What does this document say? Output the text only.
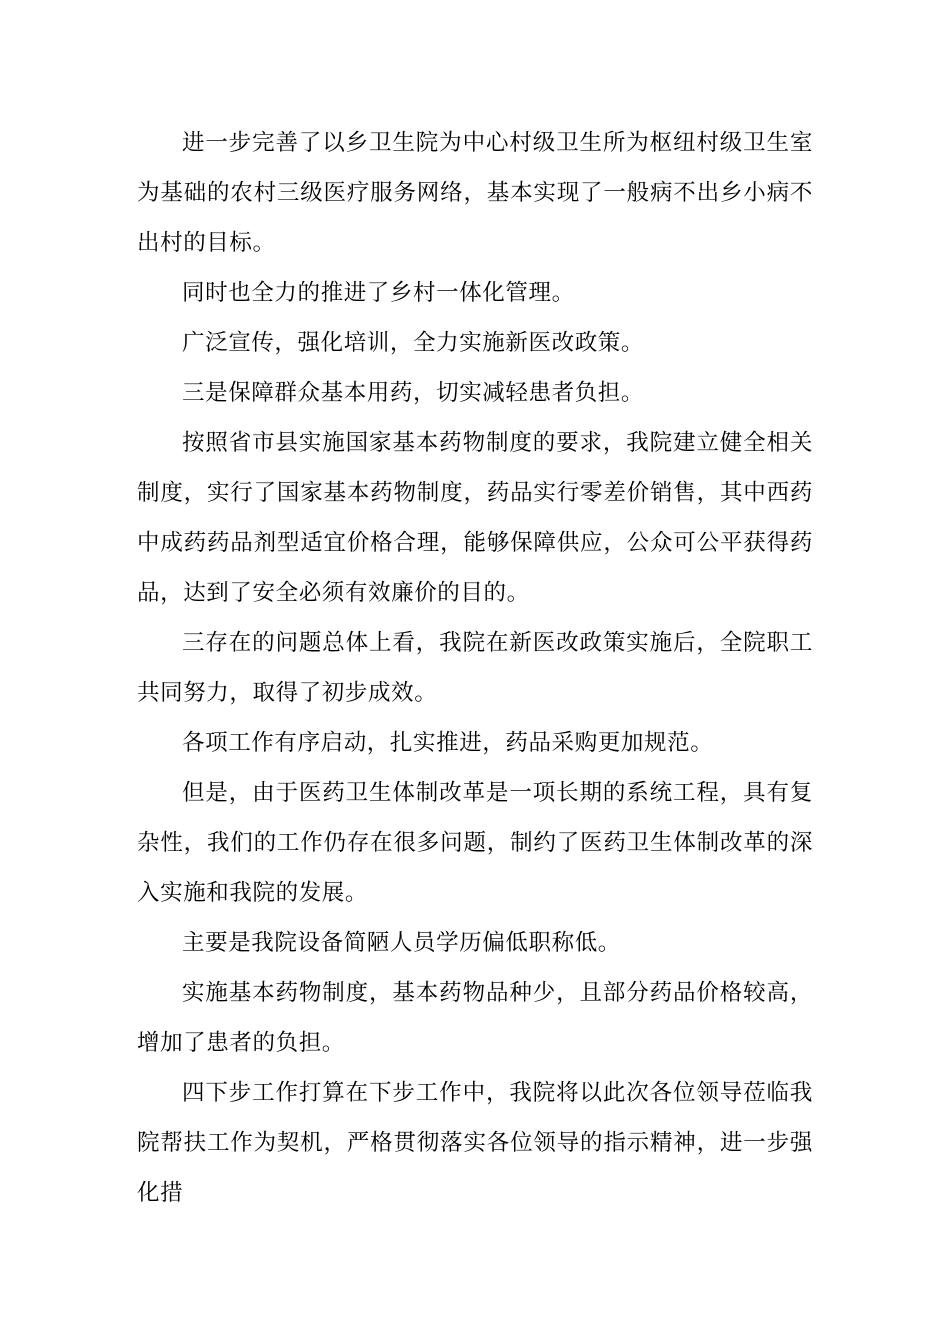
进一步完善了以乡卫生院为中心村级卫生所为枢纽村级卫生室为基础的农村三级医疗服务网络，基本实现了一般病不出乡小病不出村的目标。

同时也全力的推进了乡村一体化管理。

广泛宣传，强化培训，全力实施新医改政策。

三是保障群众基本用药，切实减轻患者负担。

按照省市县实施国家基本药物制度的要求，我院建立健全相关制度，实行了国家基本药物制度，药品实行零差价销售，其中西药中成药药品剂型适宜价格合理，能够保障供应，公众可公平获得药品，达到了安全必须有效廉价的目的。

三存在的问题总体上看，我院在新医改政策实施后，全院职工共同努力，取得了初步成效。

各项工作有序启动，扎实推进，药品采购更加规范。

但是，由于医药卫生体制改革是一项长期的系统工程，具有复杂性，我们的工作仍存在很多问题，制约了医药卫生体制改革的深入实施和我院的发展。

主要是我院设备简陋人员学历偏低职称低。

实施基本药物制度，基本药物品种少，且部分药品价格较高，增加了患者的负担。

四下步工作打算在下步工作中，我院将以此次各位领导莅临我院帮扶工作为契机，严格贯彻落实各位领导的指示精神，进一步强化措
